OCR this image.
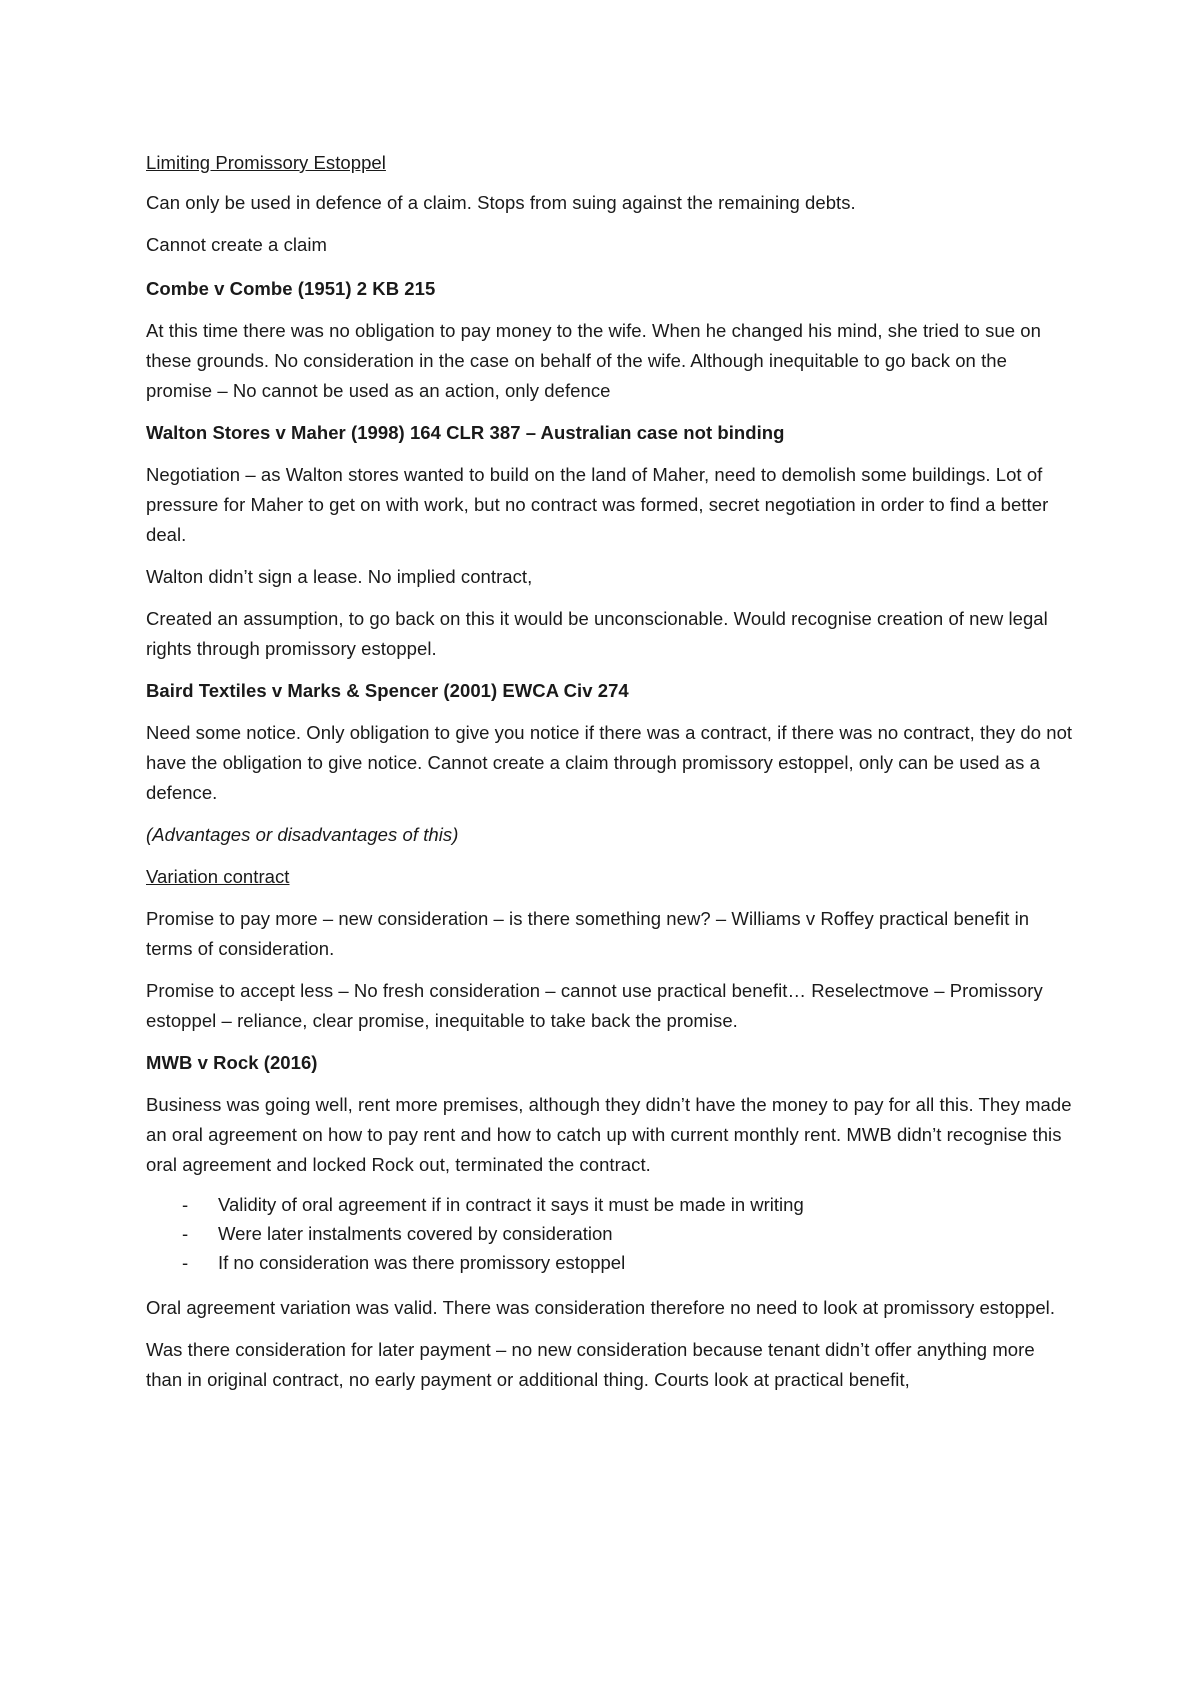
Limiting Promissory Estoppel

Can only be used in defence of a claim. Stops from suing against the remaining debts.

Cannot create a claim

Combe v Combe (1951) 2 KB 215

At this time there was no obligation to pay money to the wife. When he changed his mind, she tried to sue on these grounds. No consideration in the case on behalf of the wife. Although inequitable to go back on the promise – No cannot be used as an action, only defence

Walton Stores v Maher (1998) 164 CLR 387 – Australian case not binding

Negotiation – as Walton stores wanted to build on the land of Maher, need to demolish some buildings. Lot of pressure for Maher to get on with work, but no contract was formed, secret negotiation in order to find a better deal.

Walton didn’t sign a lease. No implied contract,

Created an assumption, to go back on this it would be unconscionable. Would recognise creation of new legal rights through promissory estoppel.

Baird Textiles v Marks & Spencer (2001) EWCA Civ 274

Need some notice. Only obligation to give you notice if there was a contract, if there was no contract, they do not have the obligation to give notice. Cannot create a claim through promissory estoppel, only can be used as a defence.

(Advantages or disadvantages of this)

Variation contract

Promise to pay more – new consideration – is there something new? – Williams v Roffey practical benefit in terms of consideration.

Promise to accept less – No fresh consideration – cannot use practical benefit… Reselectmove – Promissory estoppel – reliance, clear promise, inequitable to take back the promise.

MWB v Rock (2016)

Business was going well, rent more premises, although they didn’t have the money to pay for all this. They made an oral agreement on how to pay rent and how to catch up with current monthly rent. MWB didn’t recognise this oral agreement and locked Rock out, terminated the contract.

- Validity of oral agreement if in contract it says it must be made in writing
- Were later instalments covered by consideration
- If no consideration was there promissory estoppel

Oral agreement variation was valid. There was consideration therefore no need to look at promissory estoppel.

Was there consideration for later payment – no new consideration because tenant didn’t offer anything more than in original contract, no early payment or additional thing. Courts look at practical benefit,
